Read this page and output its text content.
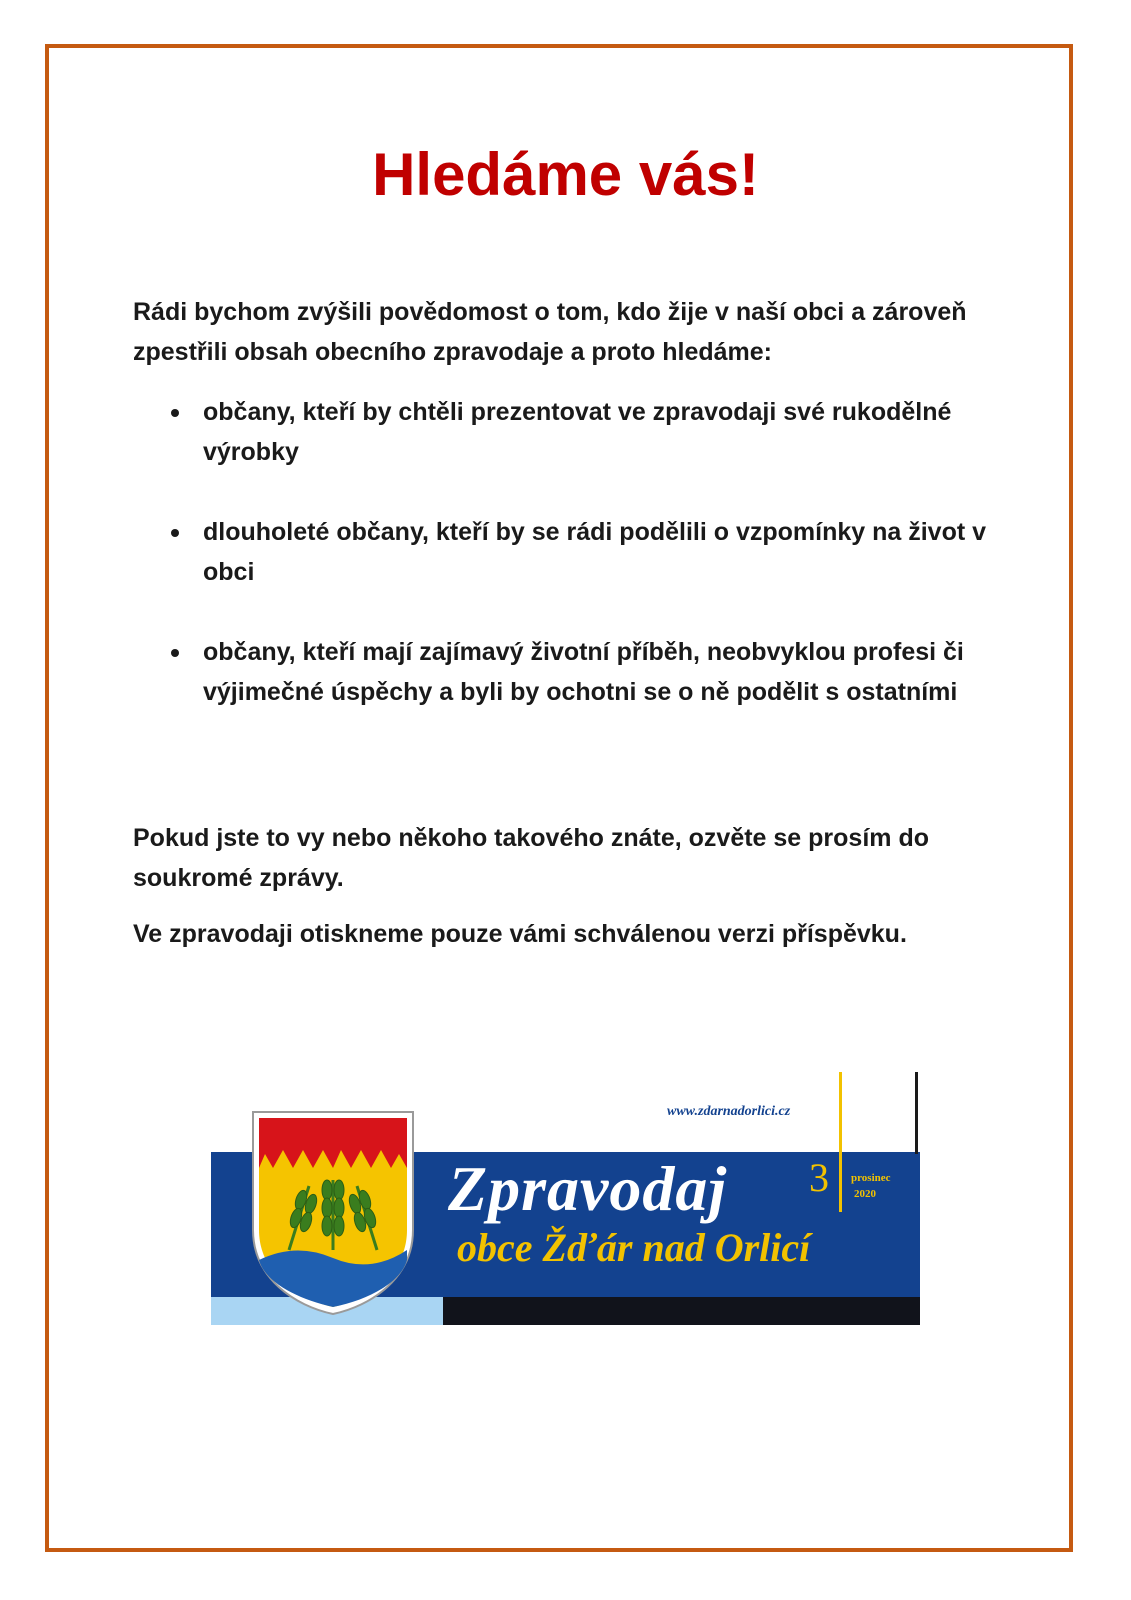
Hledáme vás!

Rádi bychom zvýšili povědomost o tom, kdo žije v naší obci a zároveň zpestřili obsah obecního zpravodaje a proto hledáme:

občany, kteří by chtěli prezentovat ve zpravodaji své rukodělné výrobky
dlouholeté občany, kteří by se rádi podělili o vzpomínky na život v obci
občany, kteří mají zajímavý životní příběh, neobvyklou profesi či výjimečné úspěchy a byli by ochotni se o ně podělit s ostatními

Pokud jste to vy nebo někoho takového znáte, ozvěte se prosím do soukromé zprávy.

Ve zpravodaji otiskneme pouze vámi schválenou verzi příspěvku.

www.zdarnadorlici.cz
3 prosinec
2020
Zpravodaj
obce Žďár nad Orlicí
